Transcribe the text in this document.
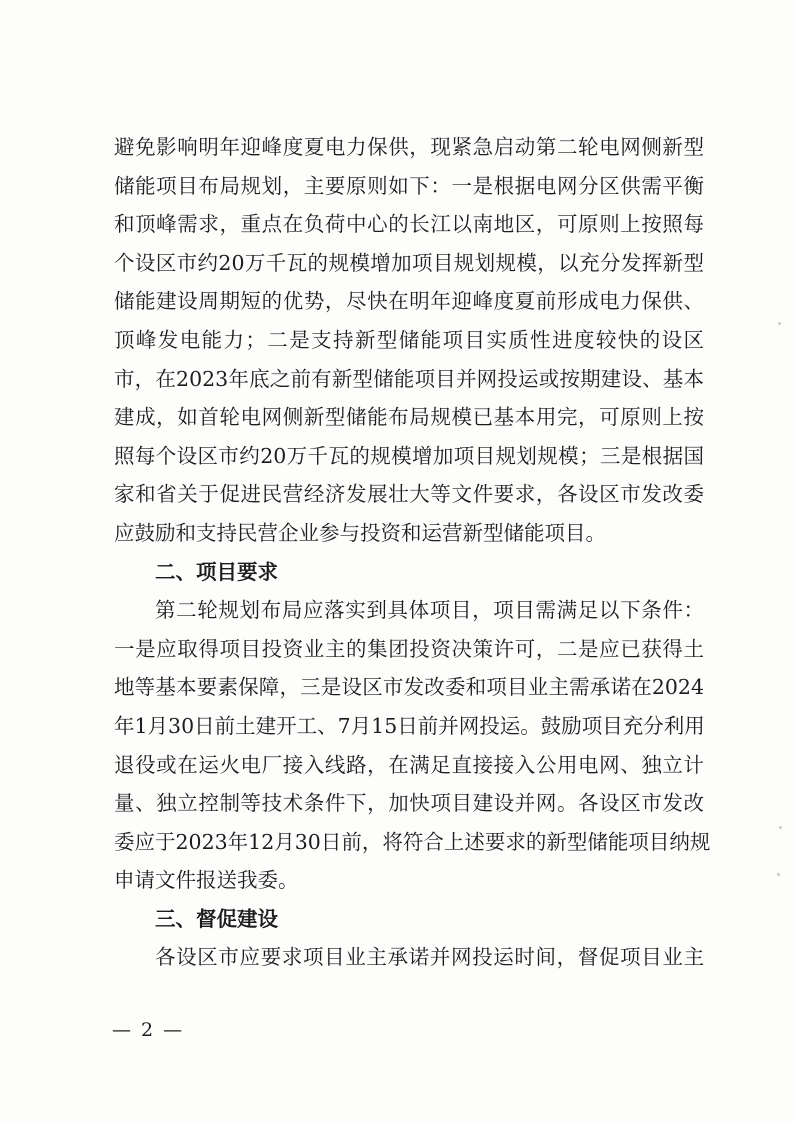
避免影响明年迎峰度夏电力保供，现紧急启动第二轮电网侧新型
储能项目布局规划，主要原则如下：一是根据电网分区供需平衡
和顶峰需求，重点在负荷中心的长江以南地区，可原则上按照每
个设区市约20万千瓦的规模增加项目规划规模，以充分发挥新型
储能建设周期短的优势，尽快在明年迎峰度夏前形成电力保供、
顶峰发电能力；二是支持新型储能项目实质性进度较快的设区
市，在2023年底之前有新型储能项目并网投运或按期建设、基本
建成，如首轮电网侧新型储能布局规模已基本用完，可原则上按
照每个设区市约20万千瓦的规模增加项目规划规模；三是根据国
家和省关于促进民营经济发展壮大等文件要求，各设区市发改委
应鼓励和支持民营企业参与投资和运营新型储能项目。
二、项目要求
第二轮规划布局应落实到具体项目，项目需满足以下条件：
一是应取得项目投资业主的集团投资决策许可，二是应已获得土
地等基本要素保障，三是设区市发改委和项目业主需承诺在2024
年1月30日前土建开工、7月15日前并网投运。鼓励项目充分利用
退役或在运火电厂接入线路，在满足直接接入公用电网、独立计
量、独立控制等技术条件下，加快项目建设并网。各设区市发改
委应于2023年12月30日前，将符合上述要求的新型储能项目纳规
申请文件报送我委。
三、督促建设
各设区市应要求项目业主承诺并网投运时间，督促项目业主
— 2 —
